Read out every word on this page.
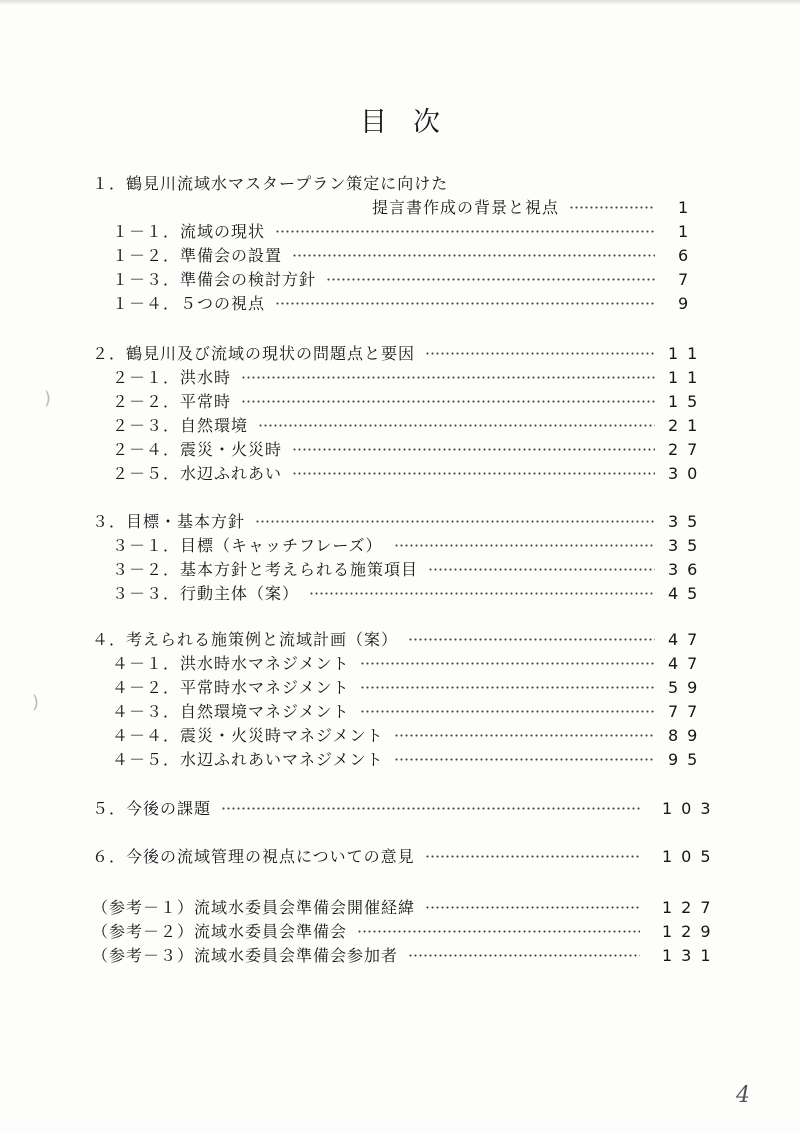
目次
１．鶴見川流域水マスタープラン策定に向けた
提言書作成の背景と視点	1
１－１．流域の現状	1
１－２．準備会の設置	6
１－３．準備会の検討方針	7
１－４．５つの視点	9
２．鶴見川及び流域の現状の問題点と要因	11
２－１．洪水時	11
２－２．平常時	15
２－３．自然環境	21
２－４．震災・火災時	27
２－５．水辺ふれあい	30
３．目標・基本方針	35
３－１．目標（キャッチフレーズ）	35
３－２．基本方針と考えられる施策項目	36
３－３．行動主体（案）	45
４．考えられる施策例と流域計画（案）	47
４－１．洪水時水マネジメント	47
４－２．平常時水マネジメント	59
４－３．自然環境マネジメント	77
４－４．震災・火災時マネジメント	89
４－５．水辺ふれあいマネジメント	95
５．今後の課題	103
６．今後の流域管理の視点についての意見	105
（参考－１）流域水委員会準備会開催経緯	127
（参考－２）流域水委員会準備会	129
（参考－３）流域水委員会準備会参加者	131
)
)
4
